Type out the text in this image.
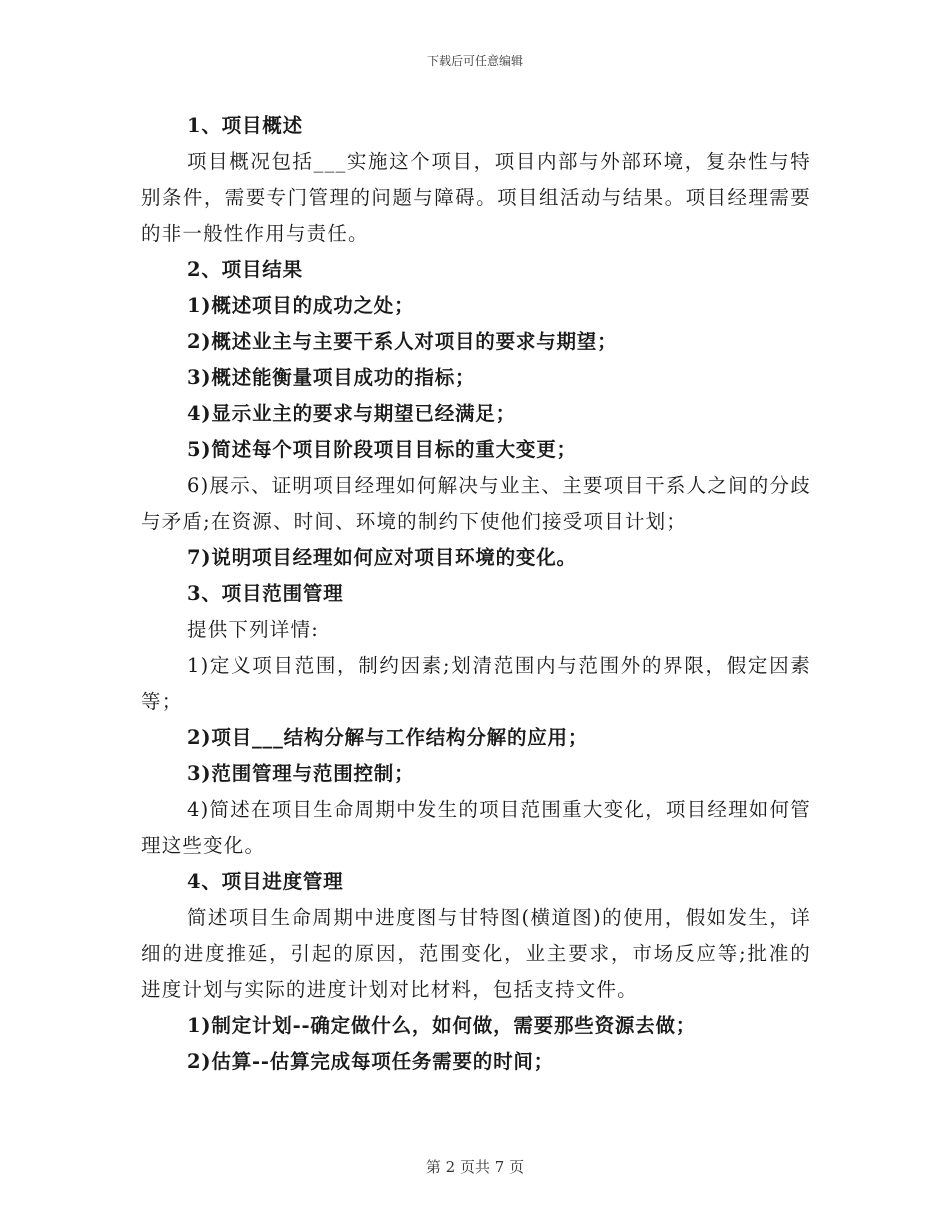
下载后可任意编辑

1、项目概述

项目概况包括___实施这个项目，项目内部与外部环境，复杂性与特别条件，需要专门管理的问题与障碍。项目组活动与结果。项目经理需要的非一般性作用与责任。

2、项目结果

1)概述项目的成功之处；

2)概述业主与主要干系人对项目的要求与期望；

3)概述能衡量项目成功的指标；

4)显示业主的要求与期望已经满足；

5)简述每个项目阶段项目目标的重大变更；

6)展示、证明项目经理如何解决与业主、主要项目干系人之间的分歧与矛盾;在资源、时间、环境的制约下使他们接受项目计划；

7)说明项目经理如何应对项目环境的变化。

3、项目范围管理

提供下列详情:

1)定义项目范围，制约因素;划清范围内与范围外的界限，假定因素等；

2)项目___结构分解与工作结构分解的应用；

3)范围管理与范围控制；

4)简述在项目生命周期中发生的项目范围重大变化，项目经理如何管理这些变化。

4、项目进度管理

简述项目生命周期中进度图与甘特图(横道图)的使用，假如发生，详细的进度推延，引起的原因，范围变化，业主要求，市场反应等;批准的进度计划与实际的进度计划对比材料，包括支持文件。

1)制定计划--确定做什么，如何做，需要那些资源去做；

2)估算--估算完成每项任务需要的时间；

第 2 页共 7 页
